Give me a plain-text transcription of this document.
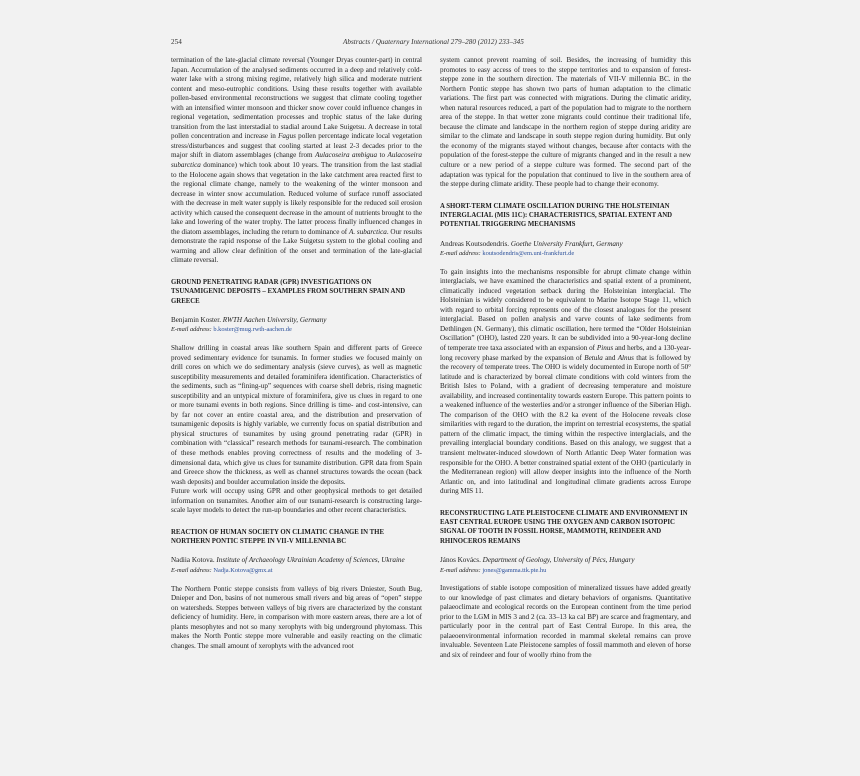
254	Abstracts / Quaternary International 279–280 (2012) 233–345

termination of the late-glacial climate reversal (Younger Dryas counter-part) in central Japan. Accumulation of the analysed sediments occurred in a deep and relatively cold-water lake with a strong mixing regime, relatively high silica and moderate nutrient content and meso-eutrophic conditions. Using these results together with available pollen-based environmental reconstructions we suggest that climate cooling together with an intensified winter monsoon and thicker snow cover could influence changes in regional vegetation, sedimentation processes and trophic status of the lake during transition from the last interstadial to stadial around Lake Suigetsu. A decrease in total pollen concentration and increase in Fagus pollen percentage indicate local vegetation stress/disturbances and suggest that cooling started at least 2-3 decades prior to the major shift in diatom assemblages (change from Aulacoseira ambigua to Aulacoseira subarctica dominance) which took about 10 years. The transition from the last stadial to the Holocene again shows that vegetation in the lake catchment area reacted first to the regional climate change, namely to the weakening of the winter monsoon and decrease in winter snow accumulation. Reduced volume of surface runoff associated with the decrease in melt water supply is likely responsible for the reduced soil erosion activity which caused the consequent decrease in the amount of nutrients brought to the lake and lowering of the water trophy. The latter process finally influenced changes in the diatom assemblages, including the return to dominance of A. subarctica. Our results demonstrate the rapid response of the Lake Suigetsu system to the global cooling and warming and allow clear definition of the onset and termination of the late-glacial climate reversal.

GROUND PENETRATING RADAR (GPR) INVESTIGATIONS ON TSUNAMIGENIC DEPOSITS – EXAMPLES FROM SOUTHERN SPAIN AND GREECE

Benjamin Koster. RWTH Aachen University, Germany

E-mail address: b.koster@mug.rwth-aachen.de

Shallow drilling in coastal areas like southern Spain and different parts of Greece proved sedimentary evidence for tsunamis. In former studies we focused mainly on drill cores on which we do sedimentary analysis (sieve curves), as well as magnetic susceptibility measurements and detailed foraminifera identification. Characteristics of the sediments, such as “fining-up” sequences with coarse shell debris, rising magnetic susceptibility and an untypical mixture of foraminifera, give us clues in regard to one or more tsunami events in both regions. Since drilling is time- and cost-intensive, can by far not cover an entire coastal area, and the distribution and preservation of tsunamigenic deposits is highly variable, we currently focus on spatial distribution and physical structures of tsunamites by using ground penetrating radar (GPR) in combination with “classical” research methods for tsunami-research. The combination of these methods enables proving correctness of results and the modeling of 3-dimensional data, which give us clues for tsunamite distribution. GPR data from Spain and Greece show the thickness, as well as channel structures towards the ocean (back wash deposits) and boulder accumulation inside the deposits.

Future work will occupy using GPR and other geophysical methods to get detailed information on tsunamites. Another aim of our tsunami-research is constructing large-scale layer models to detect the run-up boundaries and other recent characteristics.

REACTION OF HUMAN SOCIETY ON CLIMATIC CHANGE IN THE NORTHERN PONTIC STEPPE IN VII-V MILLENNIA BC

Nadiia Kotova. Institute of Archaeology Ukrainian Academy of Sciences, Ukraine

E-mail address: Nadja.Kotova@gmx.at

The Northern Pontic steppe consists from valleys of big rivers Dniester, South Bug, Dnieper and Don, basins of not numerous small rivers and big areas of “open” steppe on watersheds. Steppes between valleys of big rivers are characterized by the constant deficiency of humidity. Here, in comparison with more eastern areas, there are a lot of plants mesophytes and not so many xerophyts with big underground phytomass. This makes the North Pontic steppe more vulnerable and easily reacting on the climatic changes. The small amount of xerophyts with the advanced root

system cannot prevent roaming of soil. Besides, the increasing of humidity this promotes to easy access of trees to the steppe territories and to expansion of forest-steppe zone in the southern direction. The materials of VII-V millennia BC. in the Northern Pontic steppe has shown two parts of human adaptation to the climatic variations. The first part was connected with migrations. During the climatic aridity, when natural resources reduced, a part of the population had to migrate to the northern area of the steppe. In that wetter zone migrants could continue their traditional life, because the climate and landscape in the northern region of steppe during aridity are similar to the climate and landscape in south steppe region during humidity. But only the economy of the migrants stayed without changes, because after contacts with the population of the forest-steppe the culture of migrants changed and in the result a new culture or a new period of a steppe culture was formed. The second part of the adaptation was typical for the population that continued to live in the southern area of the steppe during climate aridity. These people had to change their economy.

A SHORT-TERM CLIMATE OSCILLATION DURING THE HOLSTEINIAN INTERGLACIAL (MIS 11C): CHARACTERISTICS, SPATIAL EXTENT AND POTENTIAL TRIGGERING MECHANISMS

Andreas Koutsodendris. Goethe University Frankfurt, Germany

E-mail address: koutsodendris@em.uni-frankfurt.de

To gain insights into the mechanisms responsible for abrupt climate change within interglacials, we have examined the characteristics and spatial extent of a prominent, climatically induced vegetation setback during the Holsteinian interglacial. The Holsteinian is widely considered to be equivalent to Marine Isotope Stage 11, which with regard to orbital forcing represents one of the closest analogues for the present interglacial. Based on pollen analysis and varve counts of lake sediments from Dethlingen (N. Germany), this climatic oscillation, here termed the “Older Holsteinian Oscillation” (OHO), lasted 220 years. It can be subdivided into a 90-year-long decline of temperate tree taxa associated with an expansion of Pinus and herbs, and a 130-year-long recovery phase marked by the expansion of Betula and Alnus that is followed by the recovery of temperate trees. The OHO is widely documented in Europe north of 50° latitude and is characterized by boreal climate conditions with cold winters from the British Isles to Poland, with a gradient of decreasing temperature and moisture availability, and increased continentality towards eastern Europe. This pattern points to a weakened influence of the westerlies and/or a stronger influence of the Siberian High. The comparison of the OHO with the 8.2 ka event of the Holocene reveals close similarities with regard to the duration, the imprint on terrestrial ecosystems, the spatial pattern of the climatic impact, the timing within the respective interglacials, and the prevailing interglacial boundary conditions. Based on this analogy, we suggest that a transient meltwater-induced slowdown of North Atlantic Deep Water formation was responsible for the OHO. A better constrained spatial extent of the OHO (particularly in the Mediterranean region) will allow deeper insights into the influence of the North Atlantic on, and into latitudinal and longitudinal climate gradients across Europe during MIS 11.

RECONSTRUCTING LATE PLEISTOCENE CLIMATE AND ENVIRONMENT IN EAST CENTRAL EUROPE USING THE OXYGEN AND CARBON ISOTOPIC SIGNAL OF TOOTH IN FOSSIL HORSE, MAMMOTH, REINDEER AND RHINOCEROS REMAINS

János Kovács. Department of Geology, University of Pécs, Hungary

E-mail address: jones@gamma.ttk.pte.hu

Investigations of stable isotope composition of mineralized tissues have added greatly to our knowledge of past climates and dietary behaviors of organisms. Quantitative palaeoclimate and ecological records on the European continent from the time period prior to the LGM in MIS 3 and 2 (ca. 33–13 ka cal BP) are scarce and fragmentary, and particularly poor in the central part of East Central Europe. In this area, the palaeoenvironmental information recorded in mammal skeletal remains can prove invaluable. Seventeen Late Pleistocene samples of fossil mammoth and eleven of horse and six of reindeer and four of woolly rhino from the
